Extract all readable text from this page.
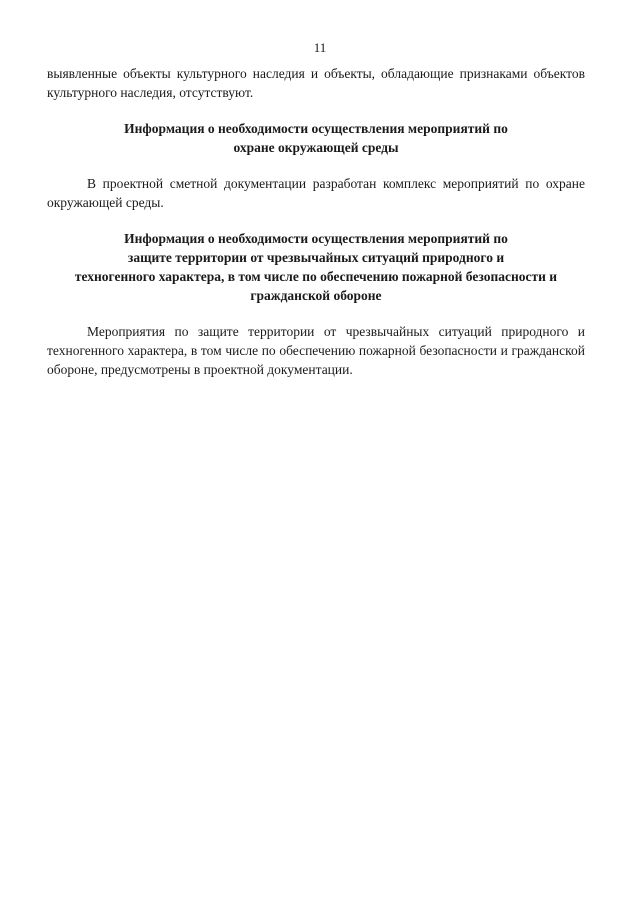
11

выявленные объекты культурного наследия и объекты, обладающие признаками объектов культурного наследия, отсутствуют.

Информация о необходимости осуществления мероприятий по
охране окружающей среды

В проектной сметной документации разработан комплекс мероприятий по охране окружающей среды.

Информация о необходимости осуществления мероприятий по
защите территории от чрезвычайных ситуаций природного и
техногенного характера, в том числе по обеспечению пожарной безопасности и
гражданской обороне

Мероприятия по защите территории от чрезвычайных ситуаций природного и техногенного характера, в том числе по обеспечению пожарной безопасности и гражданской обороне, предусмотрены в проектной документации.
